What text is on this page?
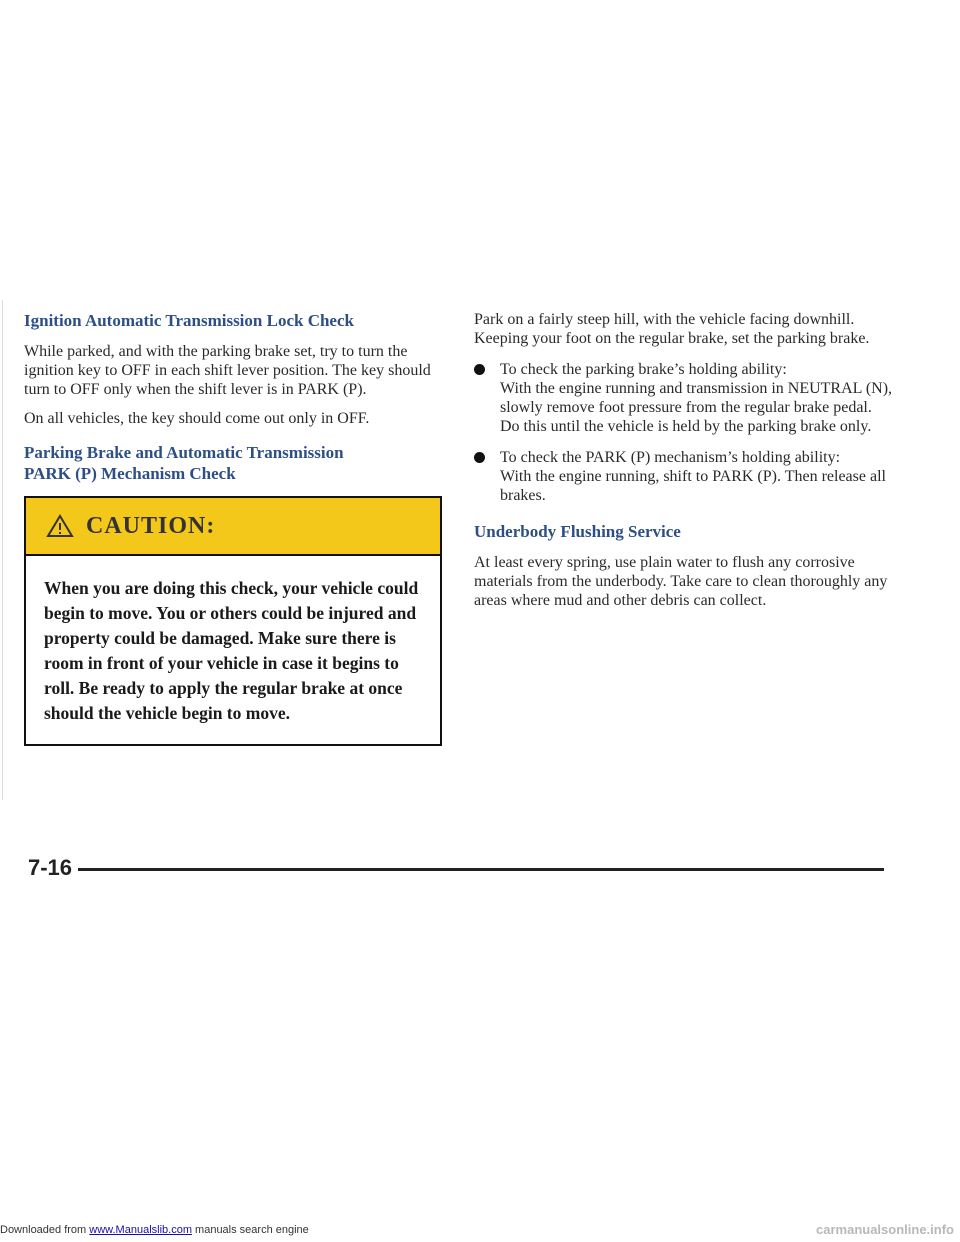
Ignition Automatic Transmission Lock Check

While parked, and with the parking brake set, try to turn the ignition key to OFF in each shift lever position. The key should turn to OFF only when the shift lever is in PARK (P).

On all vehicles, the key should come out only in OFF.

Parking Brake and Automatic Transmission
PARK (P) Mechanism Check
CAUTION:
When you are doing this check, your vehicle could begin to move. You or others could be injured and property could be damaged. Make sure there is room in front of your vehicle in case it begins to roll. Be ready to apply the regular brake at once should the vehicle begin to move.

Park on a fairly steep hill, with the vehicle facing downhill. Keeping your foot on the regular brake, set the parking brake.

To check the parking brake’s holding ability:

With the engine running and transmission in NEUTRAL (N), slowly remove foot pressure from the regular brake pedal. Do this until the vehicle is held by the parking brake only.

To check the PARK (P) mechanism’s holding ability:

With the engine running, shift to PARK (P). Then release all brakes.

Underbody Flushing Service

At least every spring, use plain water to flush any corrosive materials from the underbody. Take care to clean thoroughly any areas where mud and other debris can collect.

7-16
Downloaded from www.Manualslib.com manuals search engine	carmanualsonline.info
